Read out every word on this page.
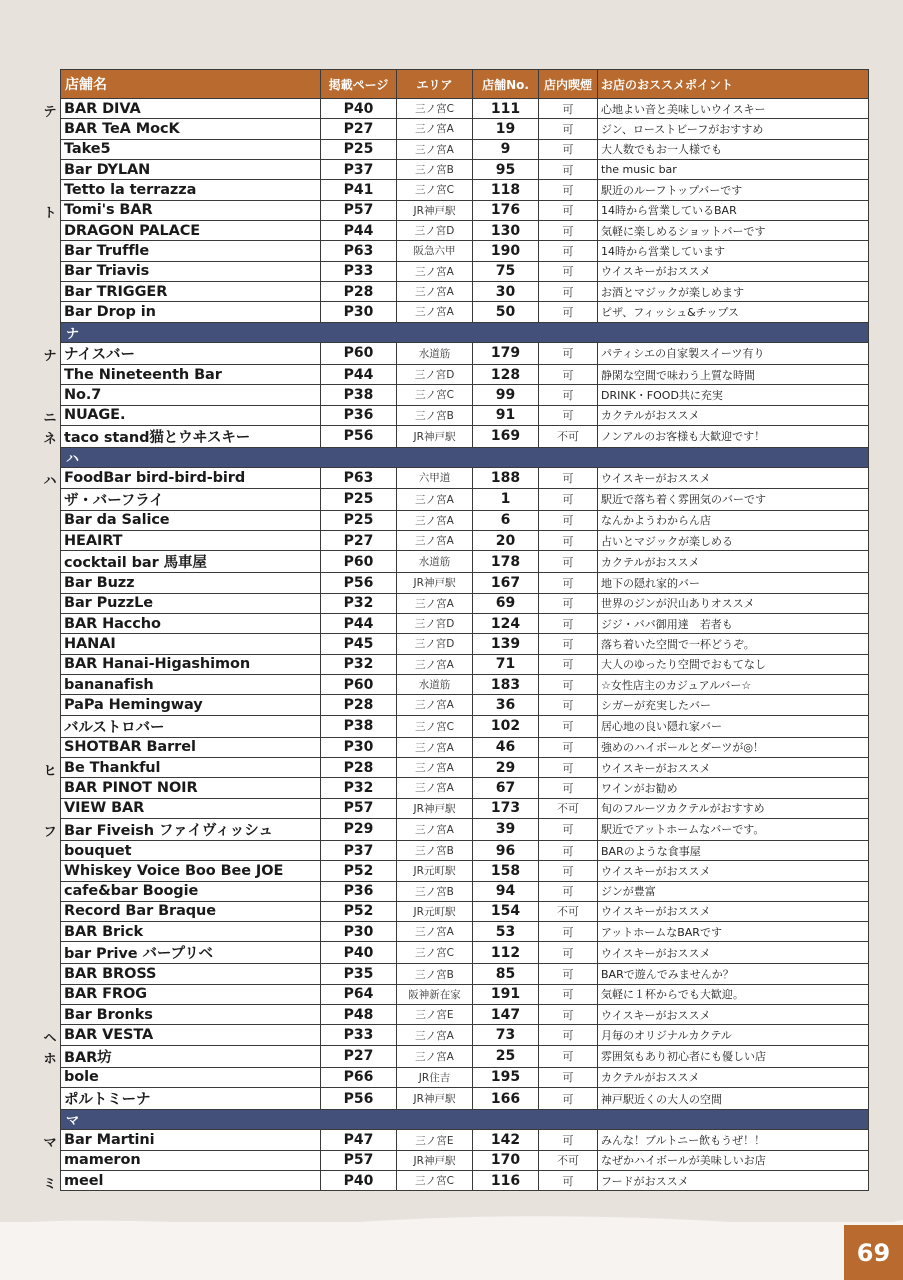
店舗名	掲載ページ	エリア	店舗No.	店内喫煙	お店のおススメポイント
BAR DIVA	P40	三ノ宮C	111	可	心地よい音と美味しいウイスキー
BAR TeA MocK	P27	三ノ宮A	19	可	ジン、ローストビーフがおすすめ
Take5	P25	三ノ宮A	9	可	大人数でもお一人様でも
Bar DYLAN	P37	三ノ宮B	95	可	the music bar
Tetto la terrazza	P41	三ノ宮C	118	可	駅近のルーフトップバーです
Tomi's BAR	P57	JR神戸駅	176	可	14時から営業しているBAR
DRAGON PALACE	P44	三ノ宮D	130	可	気軽に楽しめるショットバーです
Bar Truffle	P63	阪急六甲	190	可	14時から営業しています
Bar Triavis	P33	三ノ宮A	75	可	ウイスキーがおススメ
Bar TRIGGER	P28	三ノ宮A	30	可	お酒とマジックが楽しめます
Bar Drop in	P30	三ノ宮A	50	可	ピザ、フィッシュ&チップス
ナ					
ナイスバー	P60	水道筋	179	可	パティシエの自家製スイーツ有り
The Nineteenth Bar	P44	三ノ宮D	128	可	静閑な空間で味わう上質な時間
No.7	P38	三ノ宮C	99	可	DRINK・FOOD共に充実
NUAGE.	P36	三ノ宮B	91	可	カクテルがおススメ
taco stand猫とウヰスキー	P56	JR神戸駅	169	不可	ノンアルのお客様も大歓迎です！
ハ					
FoodBar bird-bird-bird	P63	六甲道	188	可	ウイスキーがおススメ
ザ・バーフライ	P25	三ノ宮A	1	可	駅近で落ち着く雰囲気のバーです
Bar da Salice	P25	三ノ宮A	6	可	なんかようわからん店
HEAIRT	P27	三ノ宮A	20	可	占いとマジックが楽しめる
cocktail bar 馬車屋	P60	水道筋	178	可	カクテルがおススメ
Bar Buzz	P56	JR神戸駅	167	可	地下の隠れ家的バー
Bar PuzzLe	P32	三ノ宮A	69	可	世界のジンが沢山ありオススメ
BAR Hacchο	P44	三ノ宮D	124	可	ジジ・ババ御用達　若者も
HANAI	P45	三ノ宮D	139	可	落ち着いた空間で一杯どうぞ。
BAR Hanai-Higashimon	P32	三ノ宮A	71	可	大人のゆったり空間でおもてなし
bananafish	P60	水道筋	183	可	☆女性店主のカジュアルバー☆
PaPa Hemingway	P28	三ノ宮A	36	可	シガーが充実したバー
バルストロバー	P38	三ノ宮C	102	可	居心地の良い隠れ家バー
SHOTBAR Barrel	P30	三ノ宮A	46	可	強めのハイボールとダーツが◎！
Be Thankful	P28	三ノ宮A	29	可	ウイスキーがおススメ
BAR PINOT NOIR	P32	三ノ宮A	67	可	ワインがお勧め
VIEW BAR	P57	JR神戸駅	173	不可	旬のフルーツカクテルがおすすめ
Bar Fiveish ファイヴィッシュ	P29	三ノ宮A	39	可	駅近でアットホームなバーです。
bouquet	P37	三ノ宮B	96	可	BARのような食事屋
Whiskey Voice Boo Bee JOE	P52	JR元町駅	158	可	ウイスキーがおススメ
cafe&bar Boogie	P36	三ノ宮B	94	可	ジンが豊富
Record Bar Braque	P52	JR元町駅	154	不可	ウイスキーがおススメ
BAR Brick	P30	三ノ宮A	53	可	アットホームなBARです
bar Prive バープリベ	P40	三ノ宮C	112	可	ウイスキーがおススメ
BAR BROSS	P35	三ノ宮B	85	可	BARで遊んでみませんか？
BAR FROG	P64	阪神新在家	191	可	気軽に１杯からでも大歓迎。
Bar Bronks	P48	三ノ宮E	147	可	ウイスキーがおススメ
BAR VESTA	P33	三ノ宮A	73	可	月毎のオリジナルカクテル
BAR坊	P27	三ノ宮A	25	可	雰囲気もあり初心者にも優しい店
bole	P66	JR住吉	195	可	カクテルがおススメ
ポルトミーナ	P56	JR神戸駅	166	可	神戸駅近くの大人の空間
マ					
Bar Martini	P47	三ノ宮E	142	可	みんな！ブルトニー飲もうぜ！！
mameron	P57	JR神戸駅	170	不可	なぜかハイボールが美味しいお店
meel	P40	三ノ宮C	116	可	フードがおススメ
テ
ト
ナ
ニ
ネ
ハ
ヒ
フ
ヘ
ホ
マ
ミ
69
